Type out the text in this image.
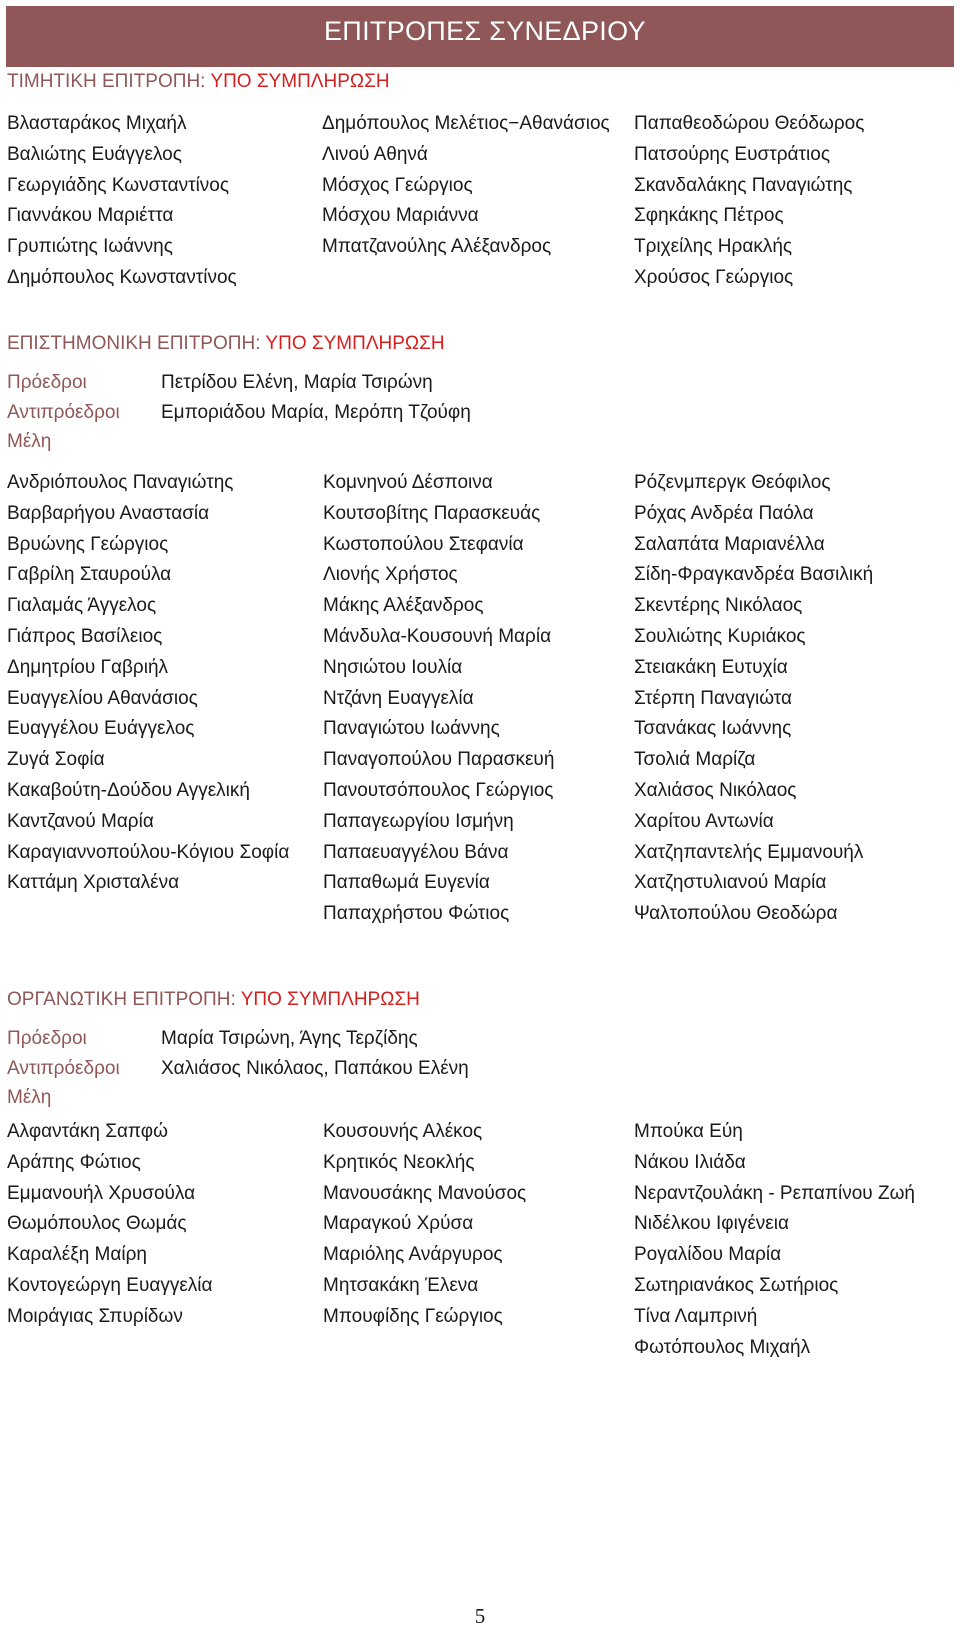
ΕΠΙΤΡΟΠΕΣ ΣΥΝΕΔΡΙΟΥ
ΤΙΜΗΤΙΚΗ ΕΠΙΤΡΟΠΗ: ΥΠΟ ΣΥΜΠΛΗΡΩΣΗ
Βλασταράκος Μιχαήλ
Βαλιώτης Ευάγγελος
Γεωργιάδης Κωνσταντίνος
Γιαννάκου Μαριέττα
Γρυπιώτης Ιωάννης
Δημόπουλος Κωνσταντίνος
Δημόπουλος Μελέτιος−Αθανάσιος
Λινού Αθηνά
Μόσχος Γεώργιος
Μόσχου Μαριάννα
Μπατζανούλης Αλέξανδρος
Παπαθεοδώρου Θεόδωρος
Πατσούρης Ευστράτιος
Σκανδαλάκης Παναγιώτης
Σφηκάκης Πέτρος
Τριχείλης Ηρακλής
Χρούσος Γεώργιος
ΕΠΙΣΤΗΜΟΝΙΚΗ ΕΠΙΤΡΟΠΗ: ΥΠΟ ΣΥΜΠΛΗΡΩΣΗ
Πρόεδροι	Πετρίδου Ελένη, Μαρία Τσιρώνη
Αντιπρόεδροι Εμποριάδου Μαρία, Μερόπη Τζούφη
Μέλη
Ανδριόπουλος Παναγιώτης
Βαρβαρήγου Αναστασία
Βρυώνης Γεώργιος
Γαβρίλη Σταυρούλα
Γιαλαμάς Άγγελος
Γιάπρος Βασίλειος
Δημητρίου Γαβριήλ
Ευαγγελίου Αθανάσιος
Ευαγγέλου Ευάγγελος
Ζυγά Σοφία
Κακαβούτη-Δούδου Αγγελική
Καντζανού Μαρία
Καραγιαννοπούλου-Κόγιου Σοφία
Καττάμη Χρισταλένα
Κομνηνού Δέσποινα
Κουτσοβίτης Παρασκευάς
Κωστοπούλου Στεφανία
Λιονής Χρήστος
Μάκης Αλέξανδρος
Μάνδυλα-Κουσουνή Μαρία
Νησιώτου Ιουλία
Ντζάνη Ευαγγελία
Παναγιώτου Ιωάννης
Παναγοπούλου Παρασκευή
Πανουτσόπουλος Γεώργιος
Παπαγεωργίου Ισμήνη
Παπαευαγγέλου Βάνα
Παπαθωμά Ευγενία
Παπαχρήστου Φώτιος
Ρόζενμπεργκ Θεόφιλος
Ρόχας Ανδρέα Παόλα
Σαλαπάτα Μαριανέλλα
Σίδη-Φραγκανδρέα Βασιλική
Σκεντέρης Νικόλαος
Σουλιώτης Κυριάκος
Στειακάκη Ευτυχία
Στέρπη Παναγιώτα
Τσανάκας Ιωάννης
Τσολιά Μαρίζα
Χαλιάσος Νικόλαος
Χαρίτου Αντωνία
Χατζηπαντελής Εμμανουήλ
Χατζηστυλιανού Μαρία
Ψαλτοπούλου Θεοδώρα
ΟΡΓΑΝΩΤΙΚΗ ΕΠΙΤΡΟΠΗ: ΥΠΟ ΣΥΜΠΛΗΡΩΣΗ
Πρόεδροι	Μαρία Τσιρώνη, Άγης Τερζίδης
Αντιπρόεδροι Χαλιάσος Νικόλαος, Παπάκου Ελένη
Μέλη
Αλφαντάκη Σαπφώ
Αράπης Φώτιος
Εμμανουήλ Χρυσούλα
Θωμόπουλος Θωμάς
Καραλέξη Μαίρη
Κοντογεώργη Ευαγγελία
Μοιράγιας Σπυρίδων
Κουσουνής Αλέκος
Κρητικός Νεοκλής
Μανουσάκης Μανούσος
Μαραγκού Χρύσα
Μαριόλης Ανάργυρος
Μητσακάκη Έλενα
Μπουφίδης Γεώργιος
Μπούκα Εύη
Νάκου Ιλιάδα
Νεραντζουλάκη - Ρεπαπίνου Ζωή
Νιδέλκου Ιφιγένεια
Ρογαλίδου Μαρία
Σωτηριανάκος Σωτήριος
Τίνα Λαμπρινή
Φωτόπουλος Μιχαήλ
5
